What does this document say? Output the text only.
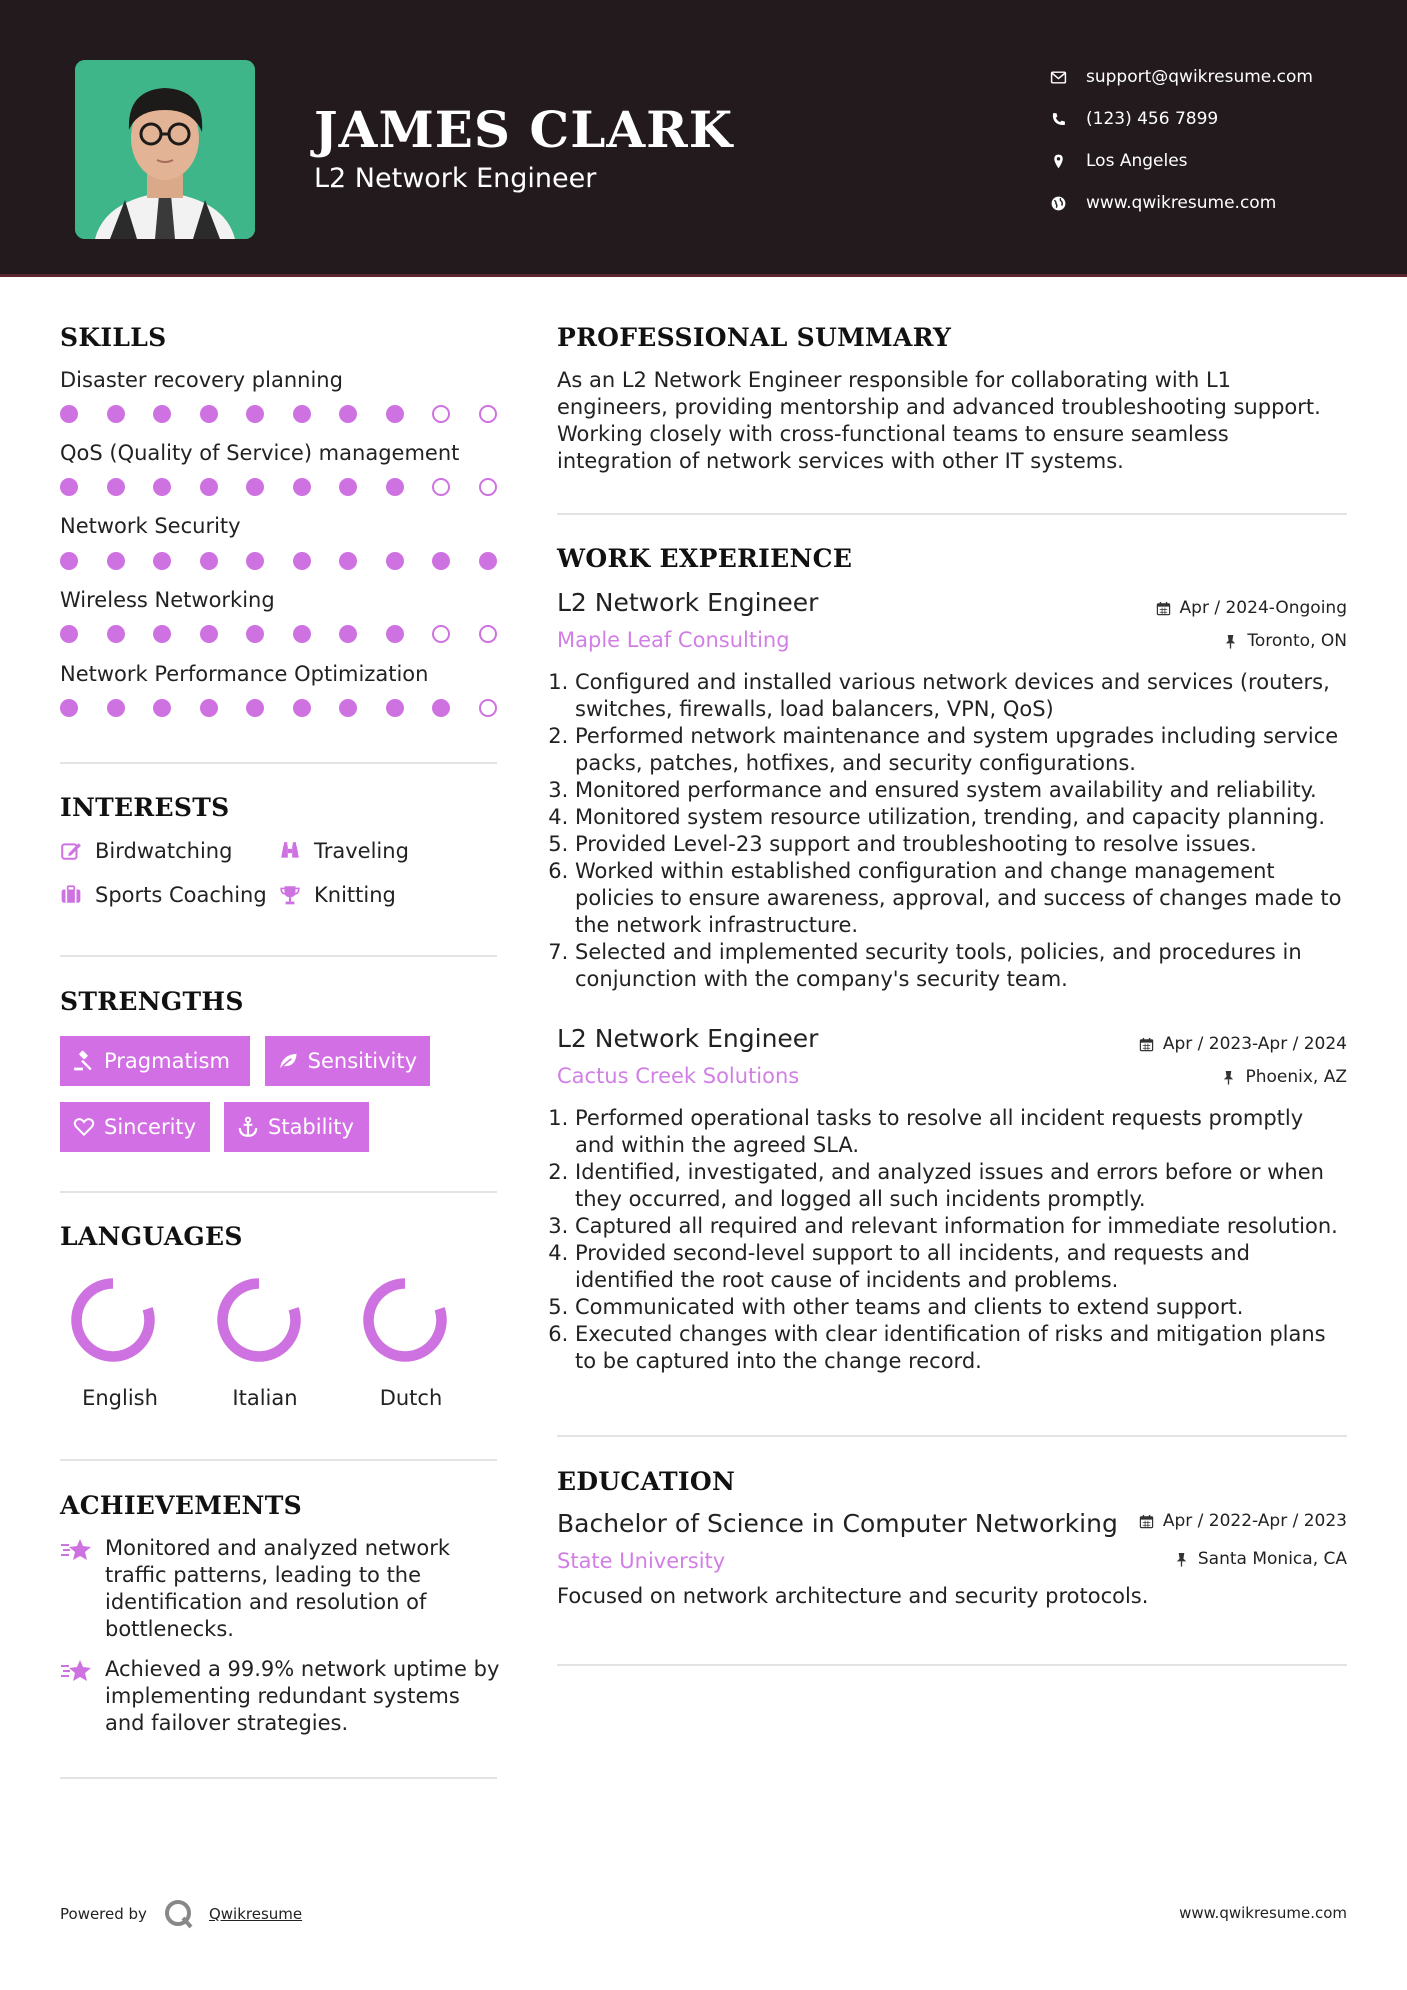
JAMES CLARK
L2 Network Engineer
support@qwikresume.com
(123) 456 7899
Los Angeles
www.qwikresume.com
SKILLS
Disaster recovery planning
QoS (Quality of Service) management
Network Security
Wireless Networking
Network Performance Optimization
INTERESTS
Birdwatching	Traveling
Sports Coaching Knitting
STRENGTHS
Pragmatism	Sensitivity
Sincerity	Stability
LANGUAGES
English	Italian	Dutch
ACHIEVEMENTS
Monitored and analyzed network traffic patterns, leading to the identification and resolution of bottlenecks.
Achieved a 99.9% network uptime by implementing redundant systems and failover strategies.
PROFESSIONAL SUMMARY
As an L2 Network Engineer responsible for collaborating with L1 engineers, providing mentorship and advanced troubleshooting support. Working closely with cross-functional teams to ensure seamless integration of network services with other IT systems.
WORK EXPERIENCE
L2 Network Engineer	Apr / 2024-Ongoing
Maple Leaf Consulting	Toronto, ON
1. Configured and installed various network devices and services (routers, switches, firewalls, load balancers, VPN, QoS)
2. Performed network maintenance and system upgrades including service packs, patches, hotfixes, and security configurations.
3. Monitored performance and ensured system availability and reliability.
4. Monitored system resource utilization, trending, and capacity planning.
5. Provided Level-23 support and troubleshooting to resolve issues.
6. Worked within established configuration and change management policies to ensure awareness, approval, and success of changes made to the network infrastructure.
7. Selected and implemented security tools, policies, and procedures in conjunction with the company's security team.
L2 Network Engineer	Apr / 2023-Apr / 2024
Cactus Creek Solutions	Phoenix, AZ
1. Performed operational tasks to resolve all incident requests promptly and within the agreed SLA.
2. Identified, investigated, and analyzed issues and errors before or when they occurred, and logged all such incidents promptly.
3. Captured all required and relevant information for immediate resolution.
4. Provided second-level support to all incidents, and requests and identified the root cause of incidents and problems.
5. Communicated with other teams and clients to extend support.
6. Executed changes with clear identification of risks and mitigation plans to be captured into the change record.
EDUCATION
Bachelor of Science in Computer Networking	Apr / 2022-Apr / 2023
State University	Santa Monica, CA
Focused on network architecture and security protocols.
Powered by	Qwikresume	www.qwikresume.com
